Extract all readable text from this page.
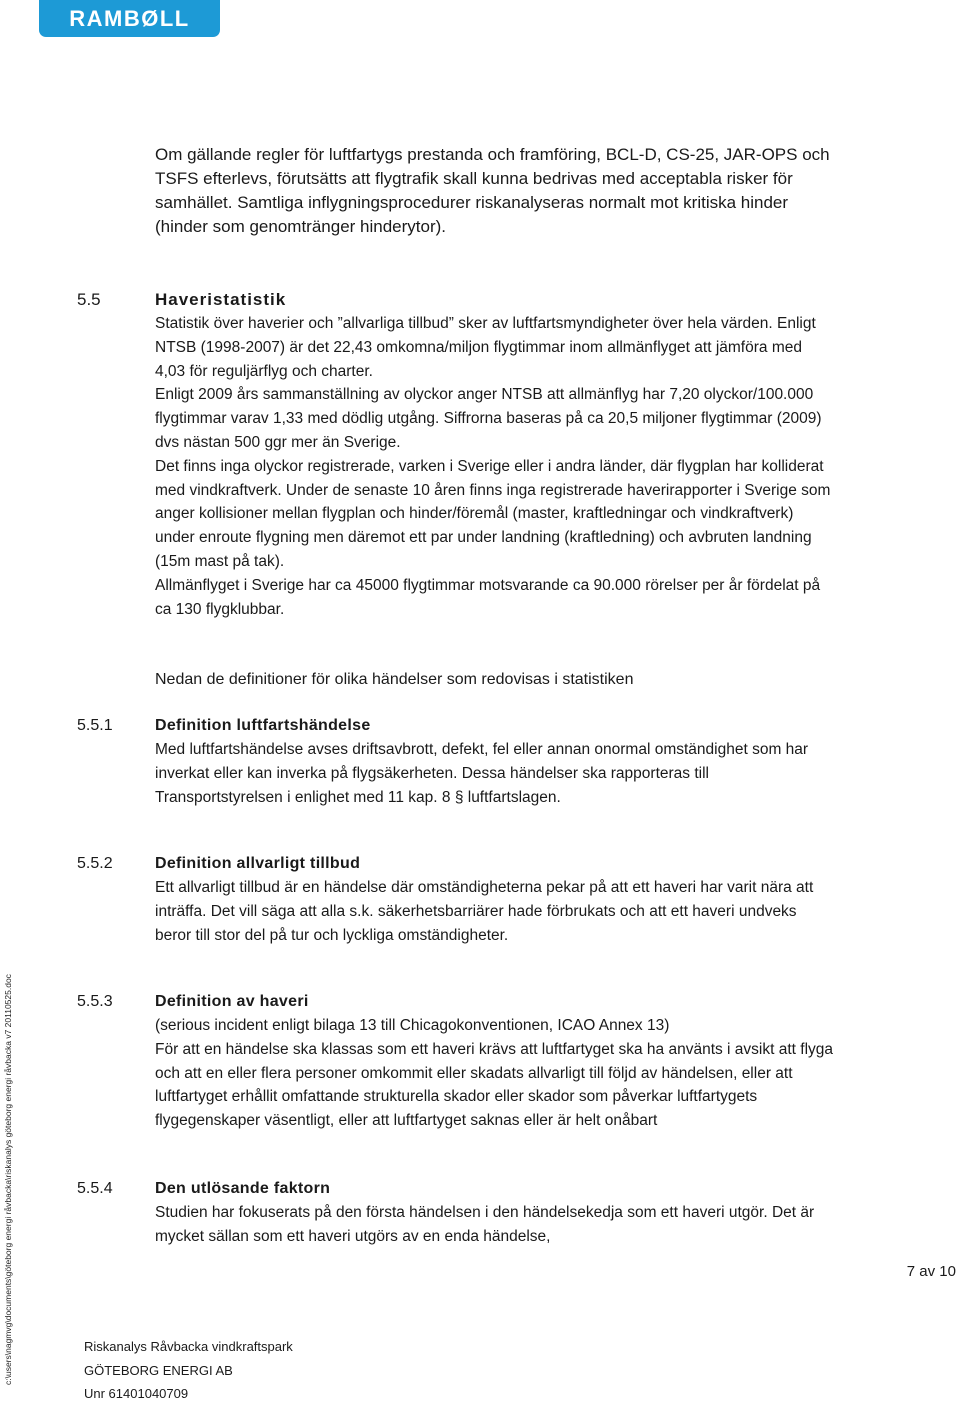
RAMBØLL

Om gällande regler för luftfartygs prestanda och framföring, BCL-D, CS-25, JAR-OPS och TSFS efterlevs, förutsätts att flygtrafik skall kunna bedrivas med acceptabla risker för samhället. Samtliga inflygningsprocedurer riskanalyseras normalt mot kritiska hinder (hinder som genomtränger hinderytor).

5.5	Haveristatistik

Statistik över haverier och ”allvarliga tillbud” sker av luftfartsmyndigheter över hela värden. Enligt NTSB (1998-2007) är det 22,43 omkomna/miljon flygtimmar inom allmänflyget att jämföra med 4,03 för reguljärflyg och charter.

Enligt 2009 års sammanställning av olyckor anger NTSB att allmänflyg har 7,20 olyckor/100.000 flygtimmar varav 1,33 med dödlig utgång. Siffrorna baseras på ca 20,5 miljoner flygtimmar (2009) dvs nästan 500 ggr mer än Sverige.

Det finns inga olyckor registrerade, varken i Sverige eller i andra länder, där flygplan har kolliderat med vindkraftverk. Under de senaste 10 åren finns inga registrerade haverirapporter i Sverige som anger kollisioner mellan flygplan och hinder/föremål (master, kraftledningar och vindkraftverk) under enroute flygning men däremot ett par under landning (kraftledning) och avbruten landning (15m mast på tak).

Allmänflyget i Sverige har ca 45000 flygtimmar motsvarande ca 90.000 rörelser per år fördelat på ca 130 flygklubbar.

Nedan de definitioner för olika händelser som redovisas i statistiken

5.5.1	Definition luftfartshändelse

Med luftfartshändelse avses driftsavbrott, defekt, fel eller annan onormal omständighet som har inverkat eller kan inverka på flygsäkerheten. Dessa händelser ska rapporteras till Transportstyrelsen i enlighet med 11 kap. 8 § luftfartslagen.

5.5.2	Definition allvarligt tillbud

Ett allvarligt tillbud är en händelse där omständigheterna pekar på att ett haveri har varit nära att inträffa. Det vill säga att alla s.k. säkerhetsbarriärer hade förbrukats och att ett haveri undveks beror till stor del på tur och lyckliga omständigheter.

5.5.3	Definition av haveri

(serious incident enligt bilaga 13 till Chicagokonventionen, ICAO Annex 13)

För att en händelse ska klassas som ett haveri krävs att luftfartyget ska ha använts i avsikt att flyga och att en eller flera personer omkommit eller skadats allvarligt till följd av händelsen, eller att luftfartyget erhållit omfattande strukturella skador eller skador som påverkar luftfartygets flygegenskaper väsentligt, eller att luftfartyget saknas eller är helt onåbart

5.5.4	Den utlösande faktorn

Studien har fokuserats på den första händelsen i den händelsekedja som ett haveri utgör. Det är mycket sällan som ett haveri utgörs av en enda händelse,

7 av 10
Riskanalys Råvbacka vindkraftspark
GÖTEBORG ENERGI AB
Unr 61401040709
c:\users\nagmvg\documents\göteborg energi råvbacka\riskanalys göteborg energi råvbacka v7 20110525.doc
